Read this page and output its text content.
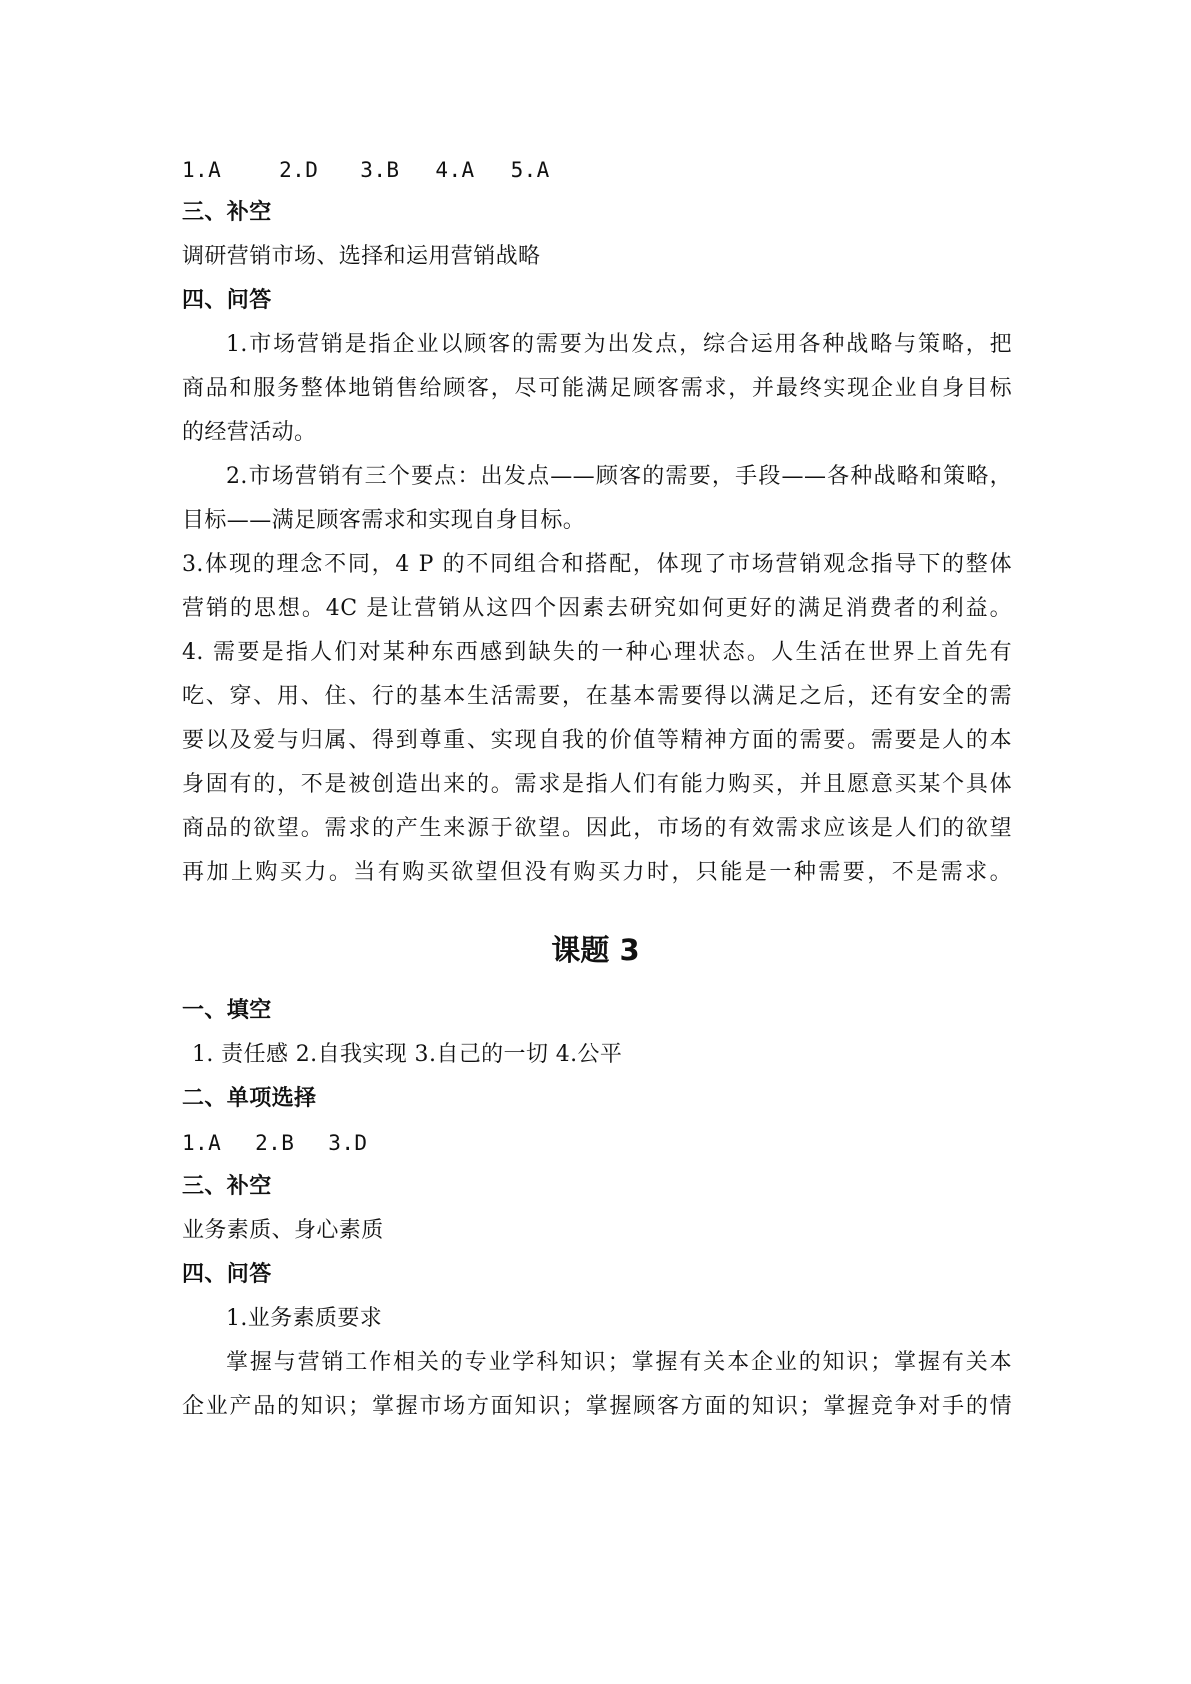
1.A	2.D 3.B 4.A 5.A
三、补空
调研营销市场、选择和运用营销战略
四、问答
1.市场营销是指企业以顾客的需要为出发点，综合运用各种战略与策略，把
商品和服务整体地销售给顾客，尽可能满足顾客需求，并最终实现企业自身目标
的经营活动。
2.市场营销有三个要点：出发点——顾客的需要，手段——各种战略和策略，
目标——满足顾客需求和实现自身目标。
3.体现的理念不同，4 P 的不同组合和搭配，体现了市场营销观念指导下的整体
营销的思想。4C 是让营销从这四个因素去研究如何更好的满足消费者的利益。
4. 需要是指人们对某种东西感到缺失的一种心理状态。人生活在世界上首先有
吃、穿、用、住、行的基本生活需要，在基本需要得以满足之后，还有安全的需
要以及爱与归属、得到尊重、实现自我的价值等精神方面的需要。需要是人的本
身固有的，不是被创造出来的。需求是指人们有能力购买，并且愿意买某个具体
商品的欲望。需求的产生来源于欲望。因此，市场的有效需求应该是人们的欲望
再加上购买力。当有购买欲望但没有购买力时，只能是一种需要，不是需求。
课题 3
一、填空
1. 责任感 2.自我实现 3.自己的一切 4.公平
二、单项选择
1.A 2.B 3.D
三、补空
业务素质、身心素质
四、问答
1.业务素质要求
掌握与营销工作相关的专业学科知识；掌握有关本企业的知识；掌握有关本
企业产品的知识；掌握市场方面知识；掌握顾客方面的知识；掌握竞争对手的情
